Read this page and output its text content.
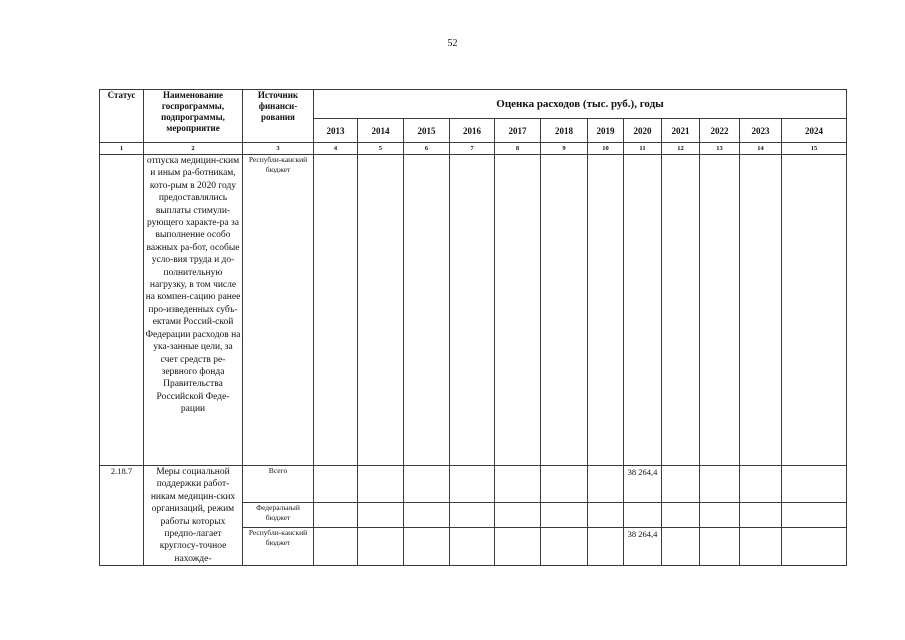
52
Статус	Наименование госпрограммы, подпрограммы, мероприятие	Источник финанси-рования	Оценка расходов (тыс. руб.), годы											
			2013	2014	2015	2016	2017	2018	2019	2020	2021	2022	2023	2024
1	2	3	4	5	6	7	8	9	10	11	12	13	14	15
	отпуска медицин-ским и иным ра-ботникам, кото-рым в 2020 году предоставлялись выплаты стимули-рующего характе-ра за выполнение особо важных ра-бот, особые усло-вия труда и до-полнительную нагрузку, в том числе на компен-сацию ранее про-изведенных субъ-ектами Россий-ской Федерации расходов на ука-занные цели, за счет средств ре-зервного фонда Правительства Российской Феде-рации	Республи-канский бюджет												
2.18.7	Меры социальной поддержки работ-никам медицин-ских организаций, режим работы которых предпо-лагает круглосу-точное нахожде-	Всего								38 264,4				
		Федеральный бюджет												
		Республи-канский бюджет								38 264,4				
